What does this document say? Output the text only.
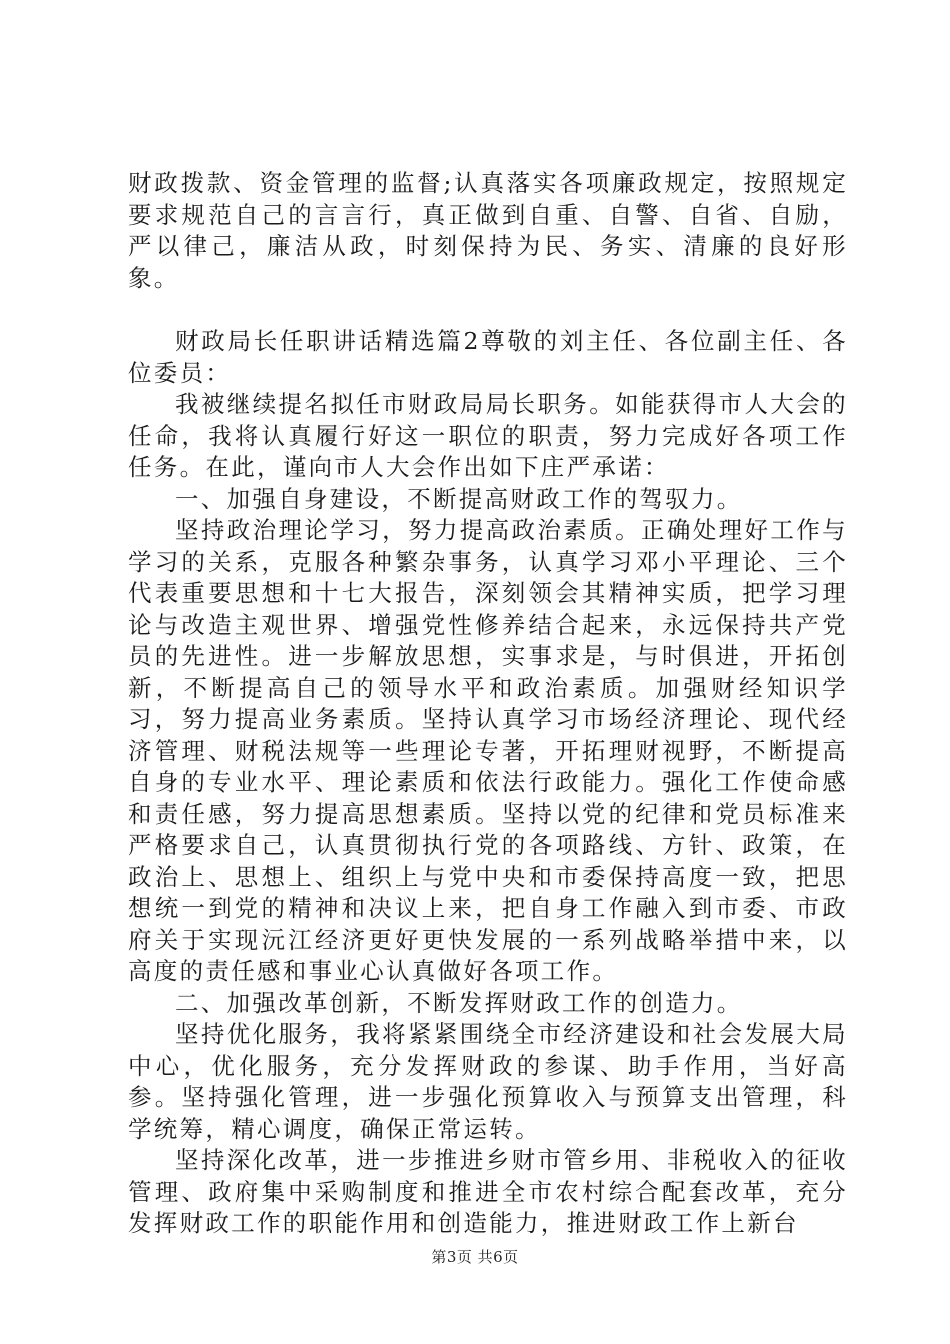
财政拨款、资金管理的监督;认真落实各项廉政规定，按照规定要求规范自己的言言行，真正做到自重、自警、自省、自励，严以律己，廉洁从政，时刻保持为民、务实、清廉的良好形象。

财政局长任职讲话精选篇2尊敬的刘主任、各位副主任、各位委员：

我被继续提名拟任市财政局局长职务。如能获得市人大会的任命，我将认真履行好这一职位的职责，努力完成好各项工作任务。在此，谨向市人大会作出如下庄严承诺：

一、加强自身建设，不断提高财政工作的驾驭力。

坚持政治理论学习，努力提高政治素质。正确处理好工作与学习的关系，克服各种繁杂事务，认真学习邓小平理论、三个代表重要思想和十七大报告，深刻领会其精神实质，把学习理论与改造主观世界、增强党性修养结合起来，永远保持共产党员的先进性。进一步解放思想，实事求是，与时俱进，开拓创新，不断提高自己的领导水平和政治素质。加强财经知识学习，努力提高业务素质。坚持认真学习市场经济理论、现代经济管理、财税法规等一些理论专著，开拓理财视野，不断提高自身的专业水平、理论素质和依法行政能力。强化工作使命感和责任感，努力提高思想素质。坚持以党的纪律和党员标准来严格要求自己，认真贯彻执行党的各项路线、方针、政策，在政治上、思想上、组织上与党中央和市委保持高度一致，把思想统一到党的精神和决议上来，把自身工作融入到市委、市政府关于实现沅江经济更好更快发展的一系列战略举措中来，以高度的责任感和事业心认真做好各项工作。

二、加强改革创新，不断发挥财政工作的创造力。

坚持优化服务，我将紧紧围绕全市经济建设和社会发展大局中心，优化服务，充分发挥财政的参谋、助手作用，当好高参。坚持强化管理，进一步强化预算收入与预算支出管理，科学统筹，精心调度，确保正常运转。

坚持深化改革，进一步推进乡财市管乡用、非税收入的征收管理、政府集中采购制度和推进全市农村综合配套改革，充分发挥财政工作的职能作用和创造能力，推进财政工作上新台

第3页 共6页
